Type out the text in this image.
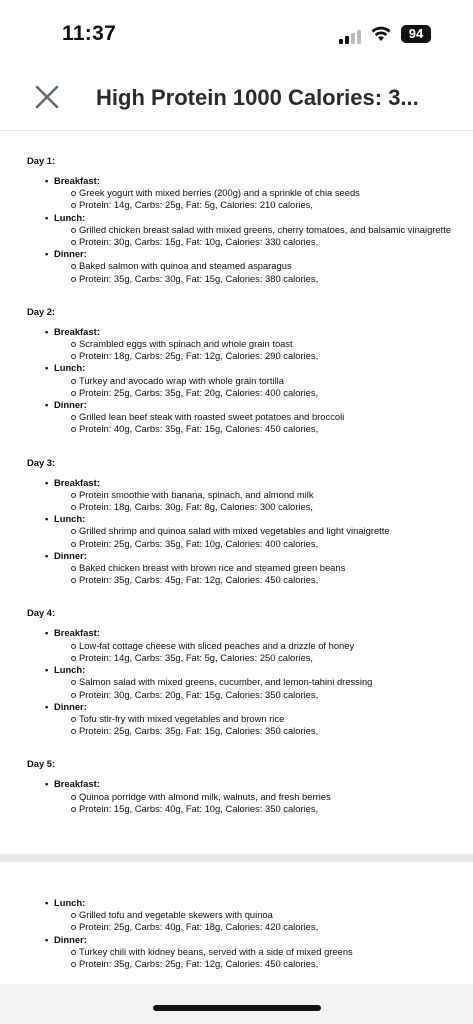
11:37	94
High Protein 1000 Calories: 3...
Day 1:
• Breakfast:
Greek yogurt with mixed berries (200g) and a sprinkle of chia seeds
Protein: 14g, Carbs: 25g, Fat: 5g, Calories: 210 calories,
• Lunch:
Grilled chicken breast salad with mixed greens, cherry tomatoes, and balsamic vinaigrette
Protein: 30g, Carbs: 15g, Fat: 10g, Calories: 330 calories,
• Dinner:
Baked salmon with quinoa and steamed asparagus
Protein: 35g, Carbs: 30g, Fat: 15g, Calories: 380 calories,
Day 2:
• Breakfast:
Scrambled eggs with spinach and whole grain toast
Protein: 18g, Carbs: 25g, Fat: 12g, Calories: 290 calories,
• Lunch:
Turkey and avocado wrap with whole grain tortilla
Protein: 25g, Carbs: 35g, Fat: 20g, Calories: 400 calories,
• Dinner:
Grilled lean beef steak with roasted sweet potatoes and broccoli
Protein: 40g, Carbs: 35g, Fat: 15g, Calories: 450 calories,
Day 3:
• Breakfast:
Protein smoothie with banana, spinach, and almond milk
Protein: 18g, Carbs: 30g, Fat: 8g, Calories: 300 calories,
• Lunch:
Grilled shrimp and quinoa salad with mixed vegetables and light vinaigrette
Protein: 25g, Carbs: 35g, Fat: 10g, Calories: 400 calories,
• Dinner:
Baked chicken breast with brown rice and steamed green beans
Protein: 35g, Carbs: 45g, Fat: 12g, Calories: 450 calories,
Day 4:
• Breakfast:
Low-fat cottage cheese with sliced peaches and a drizzle of honey
Protein: 14g, Carbs: 35g, Fat: 5g, Calories: 250 calories,
• Lunch:
Salmon salad with mixed greens, cucumber, and lemon-tahini dressing
Protein: 30g, Carbs: 20g, Fat: 15g, Calories: 350 calories,
• Dinner:
Tofu stir-fry with mixed vegetables and brown rice
Protein: 25g, Carbs: 35g, Fat: 15g, Calories: 350 calories,
Day 5:
• Breakfast:
Quinoa porridge with almond milk, walnuts, and fresh berries
Protein: 15g, Carbs: 40g, Fat: 10g, Calories: 350 calories,
• Lunch:
Grilled tofu and vegetable skewers with quinoa
Protein: 25g, Carbs: 40g, Fat: 18g, Calories: 420 calories,
• Dinner:
Turkey chili with kidney beans, served with a side of mixed greens
Protein: 35g, Carbs: 25g, Fat: 12g, Calories: 450 calories,
